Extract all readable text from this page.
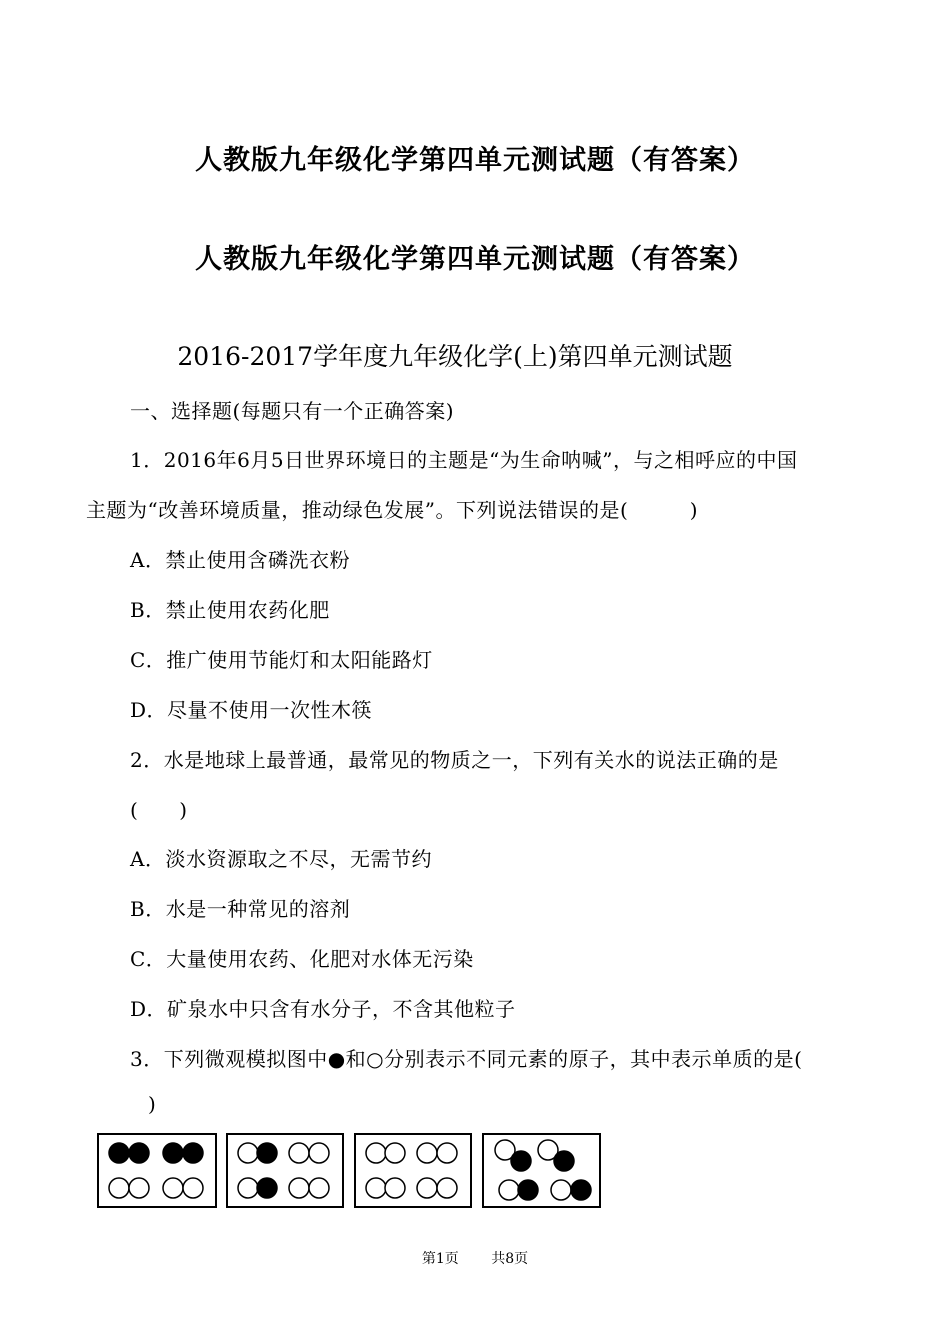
人教版九年级化学第四单元测试题（有答案）
人教版九年级化学第四单元测试题（有答案）
2016-2017学年度九年级化学(上)第四单元测试题
一、选择题(每题只有一个正确答案)
1．2016年6月5日世界环境日的主题是“为生命呐喊”，与之相呼应的中国
主题为“改善环境质量，推动绿色发展”。下列说法错误的是(　　　)
A．禁止使用含磷洗衣粉
B．禁止使用农药化肥
C．推广使用节能灯和太阳能路灯
D．尽量不使用一次性木筷
2．水是地球上最普通，最常见的物质之一，下列有关水的说法正确的是
(　　)
A．淡水资源取之不尽，无需节约
B．水是一种常见的溶剂
C．大量使用农药、化肥对水体无污染
D．矿泉水中只含有水分子，不含其他粒子
3．下列微观模拟图中●和○分别表示不同元素的原子，其中表示单质的是(
)
第1页 共8页
